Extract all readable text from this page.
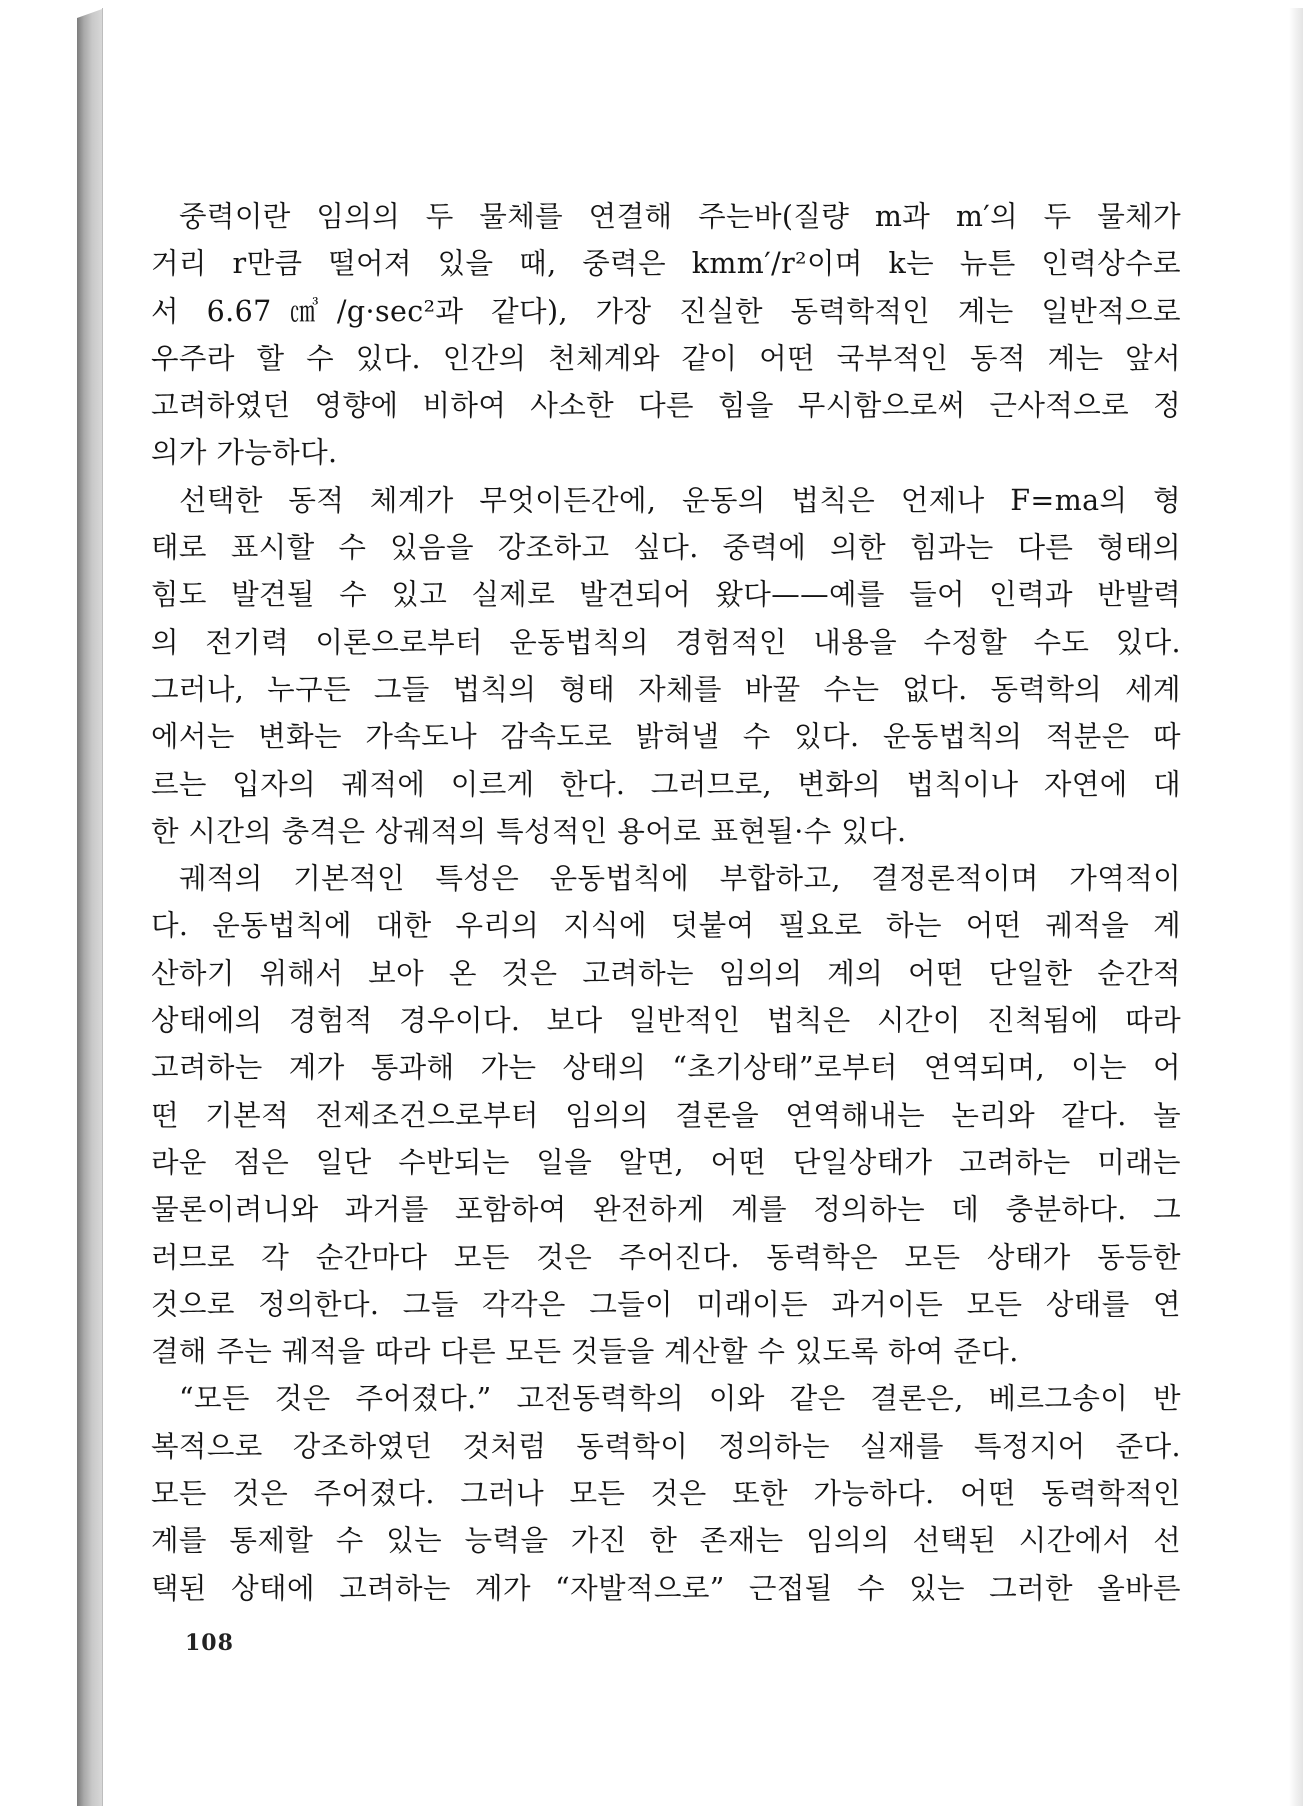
중력이란 임의의 두 물체를 연결해 주는바(질량 m과 m′의 두 물체가
거리 r만큼 떨어져 있을 때, 중력은 kmm′/r²이며 k는 뉴튼 인력상수로
서 6.67㎤/g·sec²과 같다), 가장 진실한 동력학적인 계는 일반적으로
우주라 할 수 있다. 인간의 천체계와 같이 어떤 국부적인 동적 계는 앞서
고려하였던 영향에 비하여 사소한 다른 힘을 무시함으로써 근사적으로 정
의가 가능하다.
선택한 동적 체계가 무엇이든간에, 운동의 법칙은 언제나 F=ma의 형
태로 표시할 수 있음을 강조하고 싶다. 중력에 의한 힘과는 다른 형태의
힘도 발견될 수 있고 실제로 발견되어 왔다——예를 들어 인력과 반발력
의 전기력 이론으로부터 운동법칙의 경험적인 내용을 수정할 수도 있다.
그러나, 누구든 그들 법칙의 형태 자체를 바꿀 수는 없다. 동력학의 세계
에서는 변화는 가속도나 감속도로 밝혀낼 수 있다. 운동법칙의 적분은 따
르는 입자의 궤적에 이르게 한다. 그러므로, 변화의 법칙이나 자연에 대
한 시간의 충격은 상궤적의 특성적인 용어로 표현될·수 있다.
궤적의 기본적인 특성은 운동법칙에 부합하고, 결정론적이며 가역적이
다. 운동법칙에 대한 우리의 지식에 덧붙여 필요로 하는 어떤 궤적을 계
산하기 위해서 보아 온 것은 고려하는 임의의 계의 어떤 단일한 순간적
상태에의 경험적 경우이다. 보다 일반적인 법칙은 시간이 진척됨에 따라
고려하는 계가 통과해 가는 상태의 “초기상태”로부터 연역되며, 이는 어
떤 기본적 전제조건으로부터 임의의 결론을 연역해내는 논리와 같다. 놀
라운 점은 일단 수반되는 일을 알면, 어떤 단일상태가 고려하는 미래는
물론이려니와 과거를 포함하여 완전하게 계를 정의하는 데 충분하다. 그
러므로 각 순간마다 모든 것은 주어진다. 동력학은 모든 상태가 동등한
것으로 정의한다. 그들 각각은 그들이 미래이든 과거이든 모든 상태를 연
결해 주는 궤적을 따라 다른 모든 것들을 계산할 수 있도록 하여 준다.
“모든 것은 주어졌다.” 고전동력학의 이와 같은 결론은, 베르그송이 반
복적으로 강조하였던 것처럼 동력학이 정의하는 실재를 특정지어 준다.
모든 것은 주어졌다. 그러나 모든 것은 또한 가능하다. 어떤 동력학적인
계를 통제할 수 있는 능력을 가진 한 존재는 임의의 선택된 시간에서 선
택된 상태에 고려하는 계가 “자발적으로” 근접될 수 있는 그러한 올바른
108
